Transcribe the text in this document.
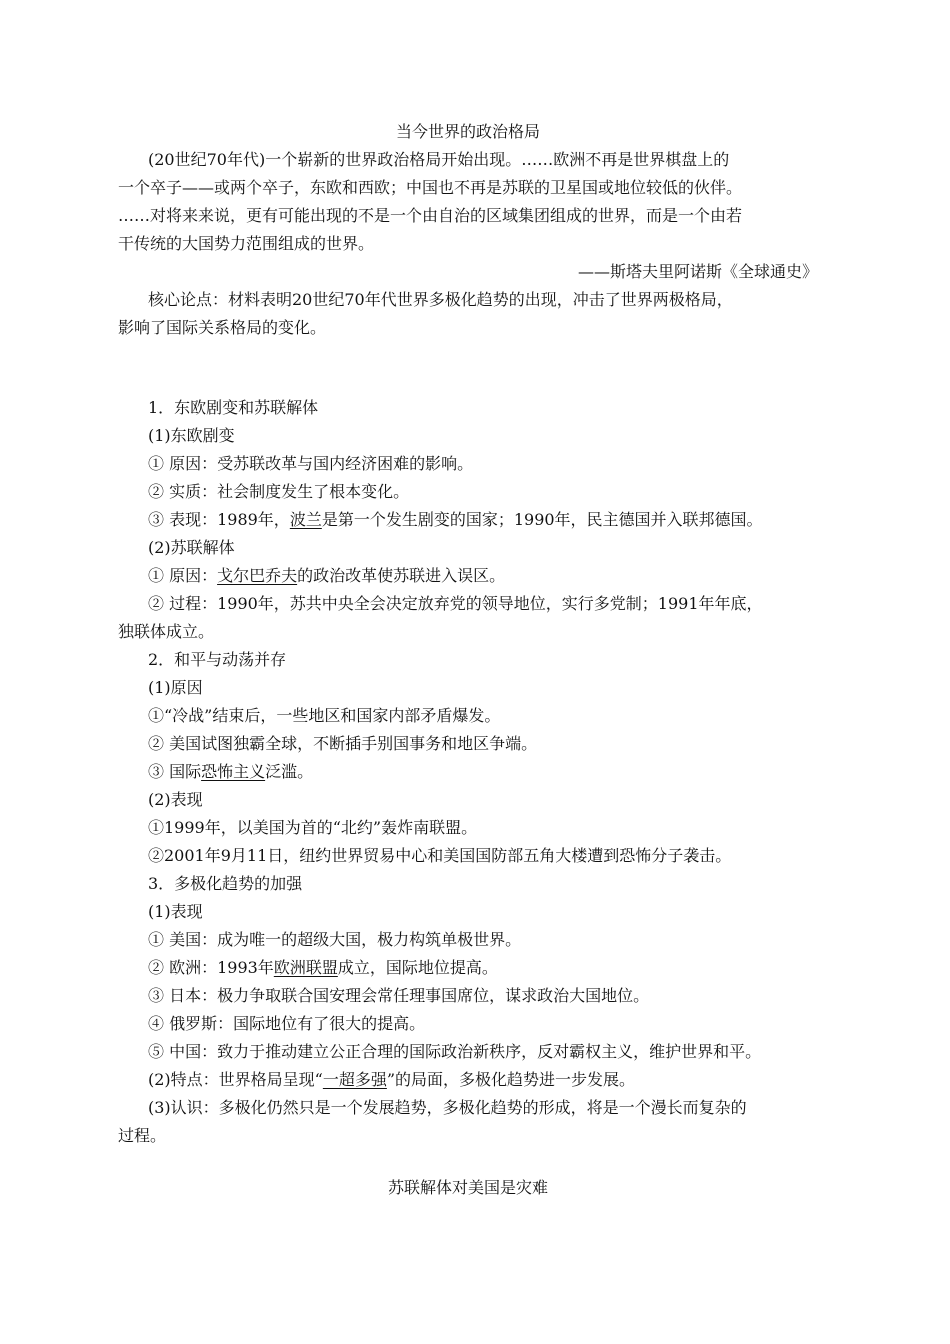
当今世界的政治格局
(20世纪70年代)一个崭新的世界政治格局开始出现。……欧洲不再是世界棋盘上的
一个卒子——或两个卒子，东欧和西欧；中国也不再是苏联的卫星国或地位较低的伙伴。
……对将来来说，更有可能出现的不是一个由自治的区域集团组成的世界，而是一个由若
干传统的大国势力范围组成的世界。
——斯塔夫里阿诺斯《全球通史》
核心论点：材料表明20世纪70年代世界多极化趋势的出现，冲击了世界两极格局，
影响了国际关系格局的变化。
1．东欧剧变和苏联解体
(1)东欧剧变
① 原因：受苏联改革与国内经济困难的影响。
② 实质：社会制度发生了根本变化。
③ 表现：1989年，波兰是第一个发生剧变的国家；1990年，民主德国并入联邦德国。
(2)苏联解体
① 原因：戈尔巴乔夫的政治改革使苏联进入误区。
② 过程：1990年，苏共中央全会决定放弃党的领导地位，实行多党制；1991年年底，
独联体成立。
2．和平与动荡并存
(1)原因
①“冷战”结束后，一些地区和国家内部矛盾爆发。
② 美国试图独霸全球，不断插手别国事务和地区争端。
③ 国际恐怖主义泛滥。
(2)表现
①1999年，以美国为首的“北约”轰炸南联盟。
②2001年9月11日，纽约世界贸易中心和美国国防部五角大楼遭到恐怖分子袭击。
3．多极化趋势的加强
(1)表现
① 美国：成为唯一的超级大国，极力构筑单极世界。
② 欧洲：1993年欧洲联盟成立，国际地位提高。
③ 日本：极力争取联合国安理会常任理事国席位，谋求政治大国地位。
④ 俄罗斯：国际地位有了很大的提高。
⑤ 中国：致力于推动建立公正合理的国际政治新秩序，反对霸权主义，维护世界和平。
(2)特点：世界格局呈现“一超多强”的局面，多极化趋势进一步发展。
(3)认识：多极化仍然只是一个发展趋势，多极化趋势的形成，将是一个漫长而复杂的
过程。
苏联解体对美国是灾难
